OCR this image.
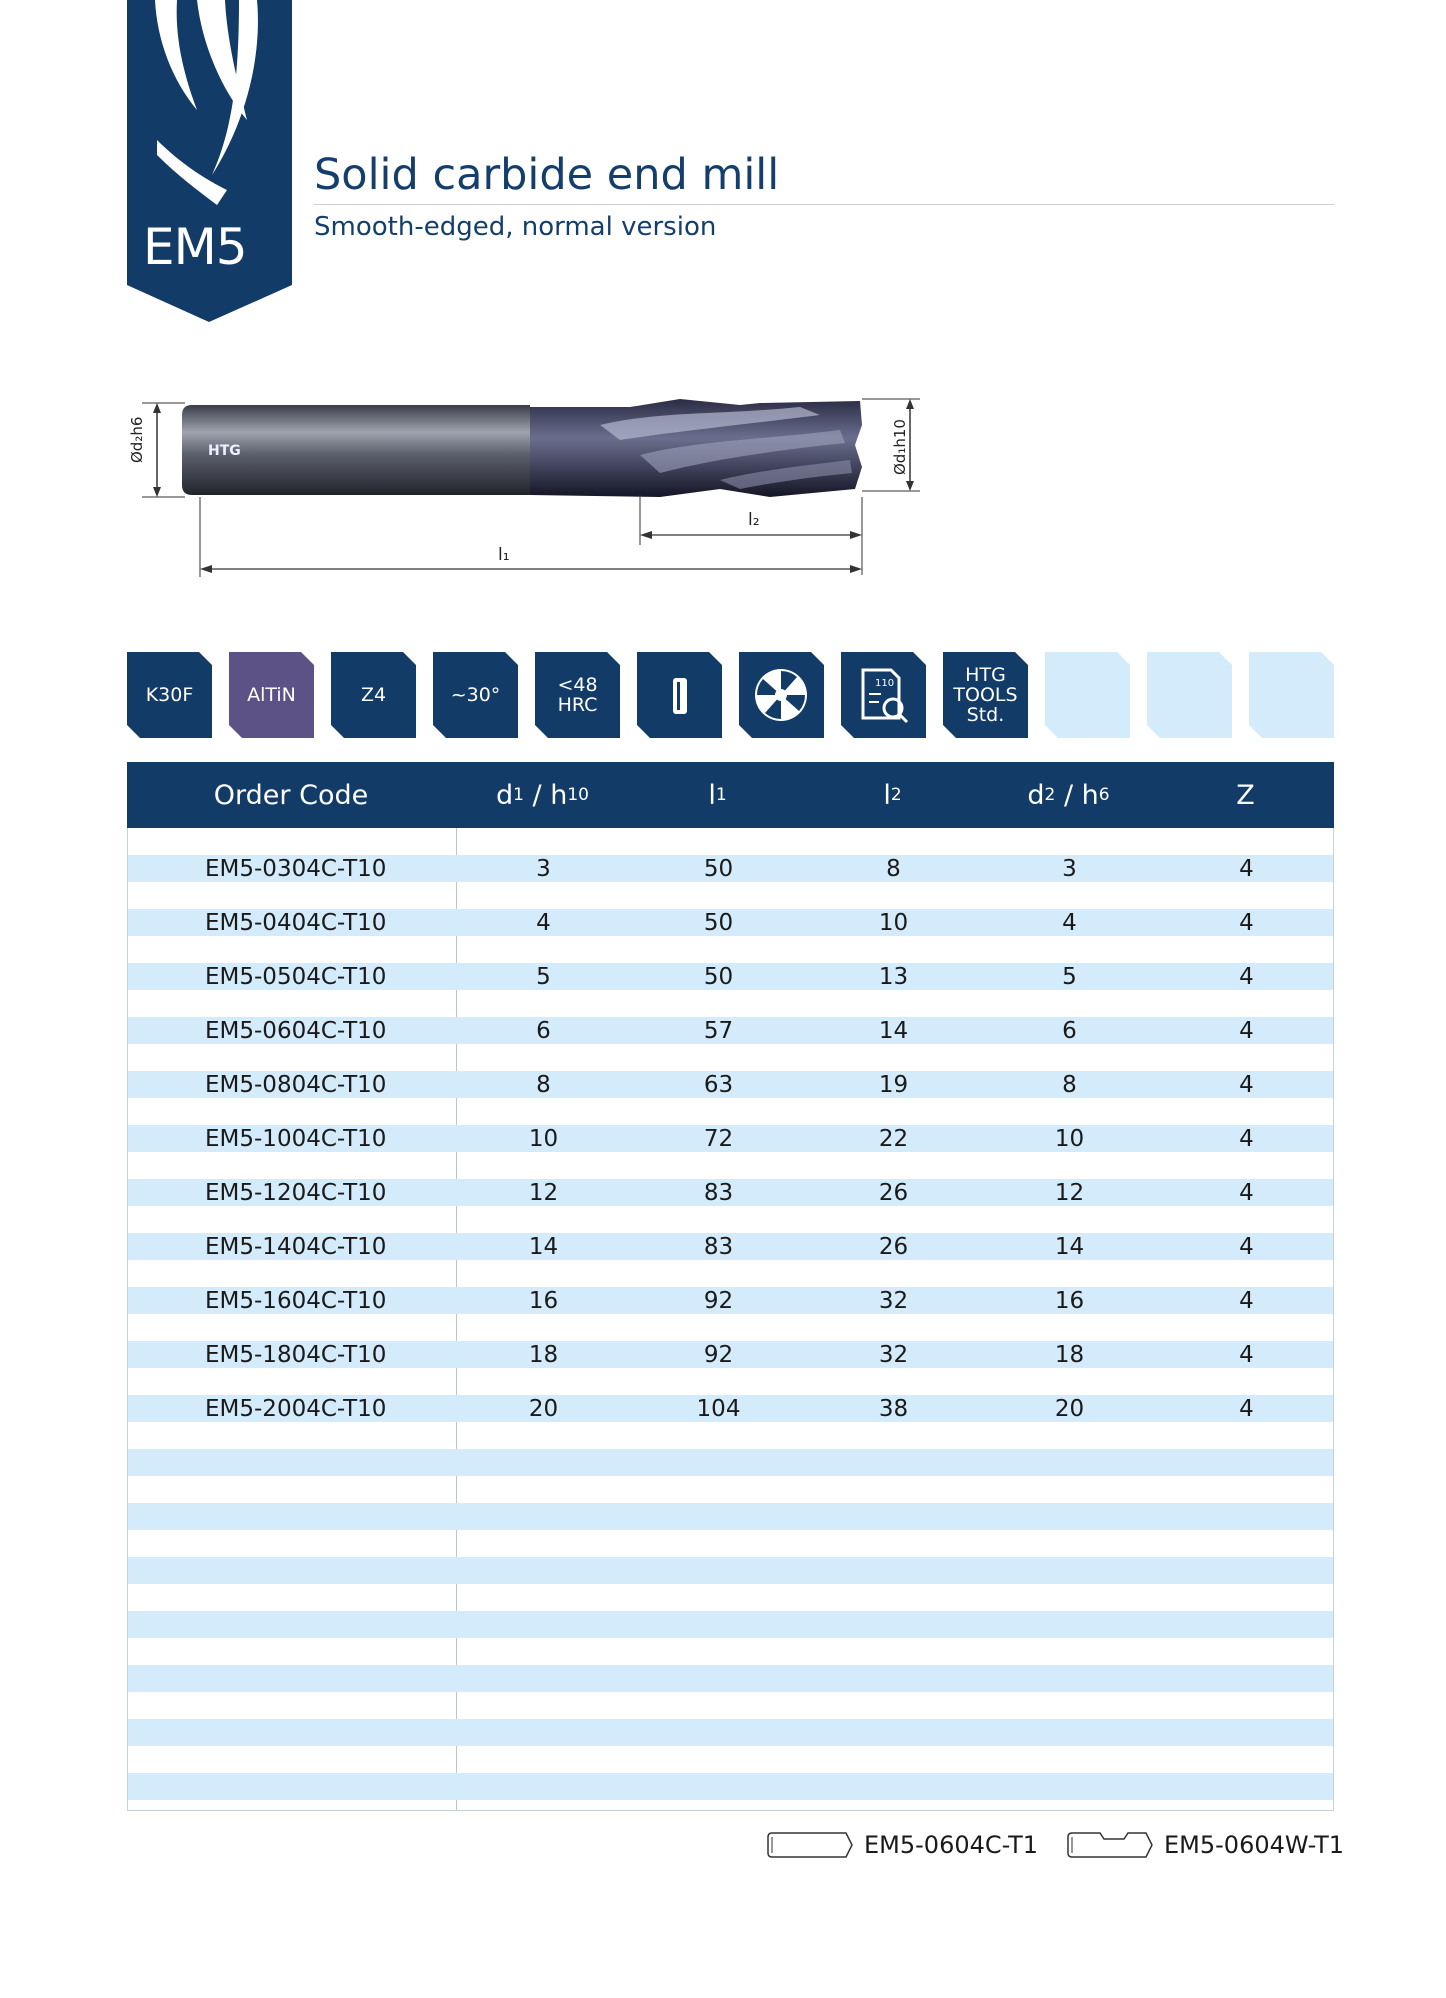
EM5
Solid carbide end mill
Smooth-edged, normal version
Ød₂h6	HTG	Ød₁h10
l₂
l₁
K30F	AlTiN	Z4	~30°	<48
HRC
110	HTG
TOOLS
Std.
Order Code	d 1 / h 10	l 1	l 2	d 2 / h 6	Z
EM5-0304C-T10	3	50	8	3	4
EM5-0404C-T10	4	50	10	4	4
EM5-0504C-T10	5	50	13	5	4
EM5-0604C-T10	6	57	14	6	4
EM5-0804C-T10	8	63	19	8	4
EM5-1004C-T10	10	72	22	10	4
EM5-1204C-T10	12	83	26	12	4
EM5-1404C-T10	14	83	26	14	4
EM5-1604C-T10	16	92	32	16	4
EM5-1804C-T10	18	92	32	18	4
EM5-2004C-T10	20	104	38	20	4
EM5-0604C-T1	EM5-0604W-T1
